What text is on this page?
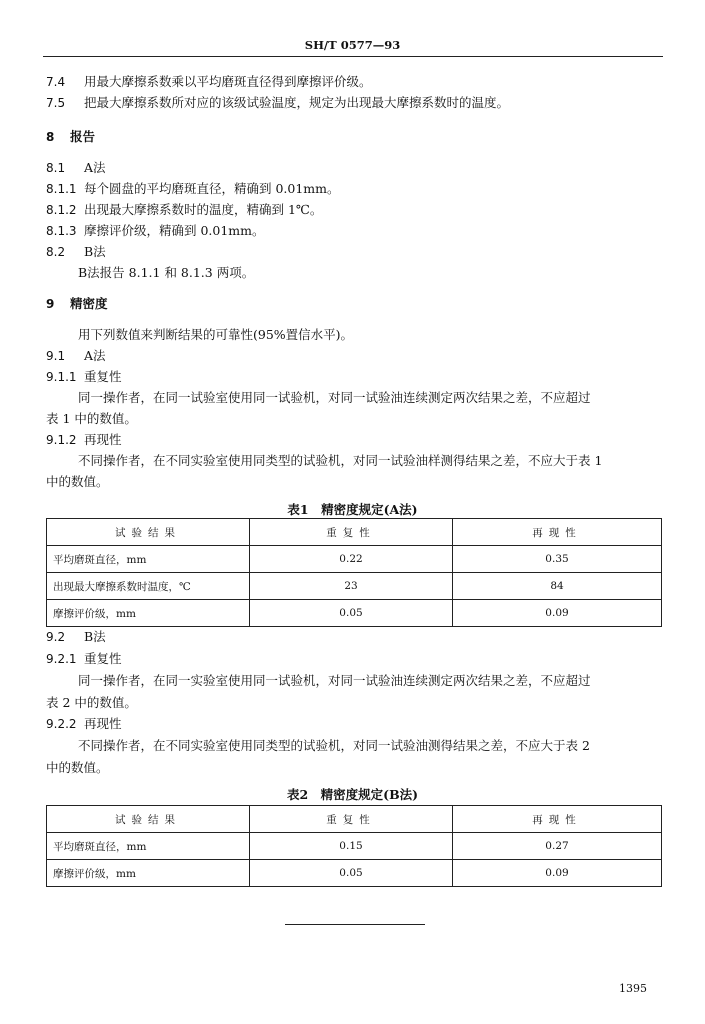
SH/T 0577—93
7.4 用最大摩擦系数乘以平均磨斑直径得到摩擦评价级。
7.5 把最大摩擦系数所对应的该级试验温度，规定为出现最大摩擦系数时的温度。
8 报告
8.1 A法
8.1.1 每个圆盘的平均磨斑直径，精确到 0.01mm。
8.1.2 出现最大摩擦系数时的温度，精确到 1℃。
8.1.3 摩擦评价级，精确到 0.01mm。
8.2 B法
B法报告 8.1.1 和 8.1.3 两项。
9 精密度
用下列数值来判断结果的可靠性(95%置信水平)。
9.1 A法
9.1.1 重复性
同一操作者，在同一试验室使用同一试验机，对同一试验油连续测定两次结果之差，不应超过
表 1 中的数值。
9.1.2 再现性
不同操作者，在不同实验室使用同类型的试验机，对同一试验油样测得结果之差，不应大于表 1
中的数值。
表1　精密度规定(A法)
试验结果	重复性	再现性
平均磨斑直径，mm	0.22	0.35
出现最大摩擦系数时温度，℃	23	84
摩擦评价级，mm	0.05	0.09
9.2 B法
9.2.1 重复性
同一操作者，在同一实验室使用同一试验机，对同一试验油连续测定两次结果之差，不应超过
表 2 中的数值。
9.2.2 再现性
不同操作者，在不同实验室使用同类型的试验机，对同一试验油测得结果之差，不应大于表 2
中的数值。
表2　精密度规定(B法)
试验结果	重复性	再现性
平均磨斑直径，mm	0.15	0.27
摩擦评价级，mm	0.05	0.09
1395
